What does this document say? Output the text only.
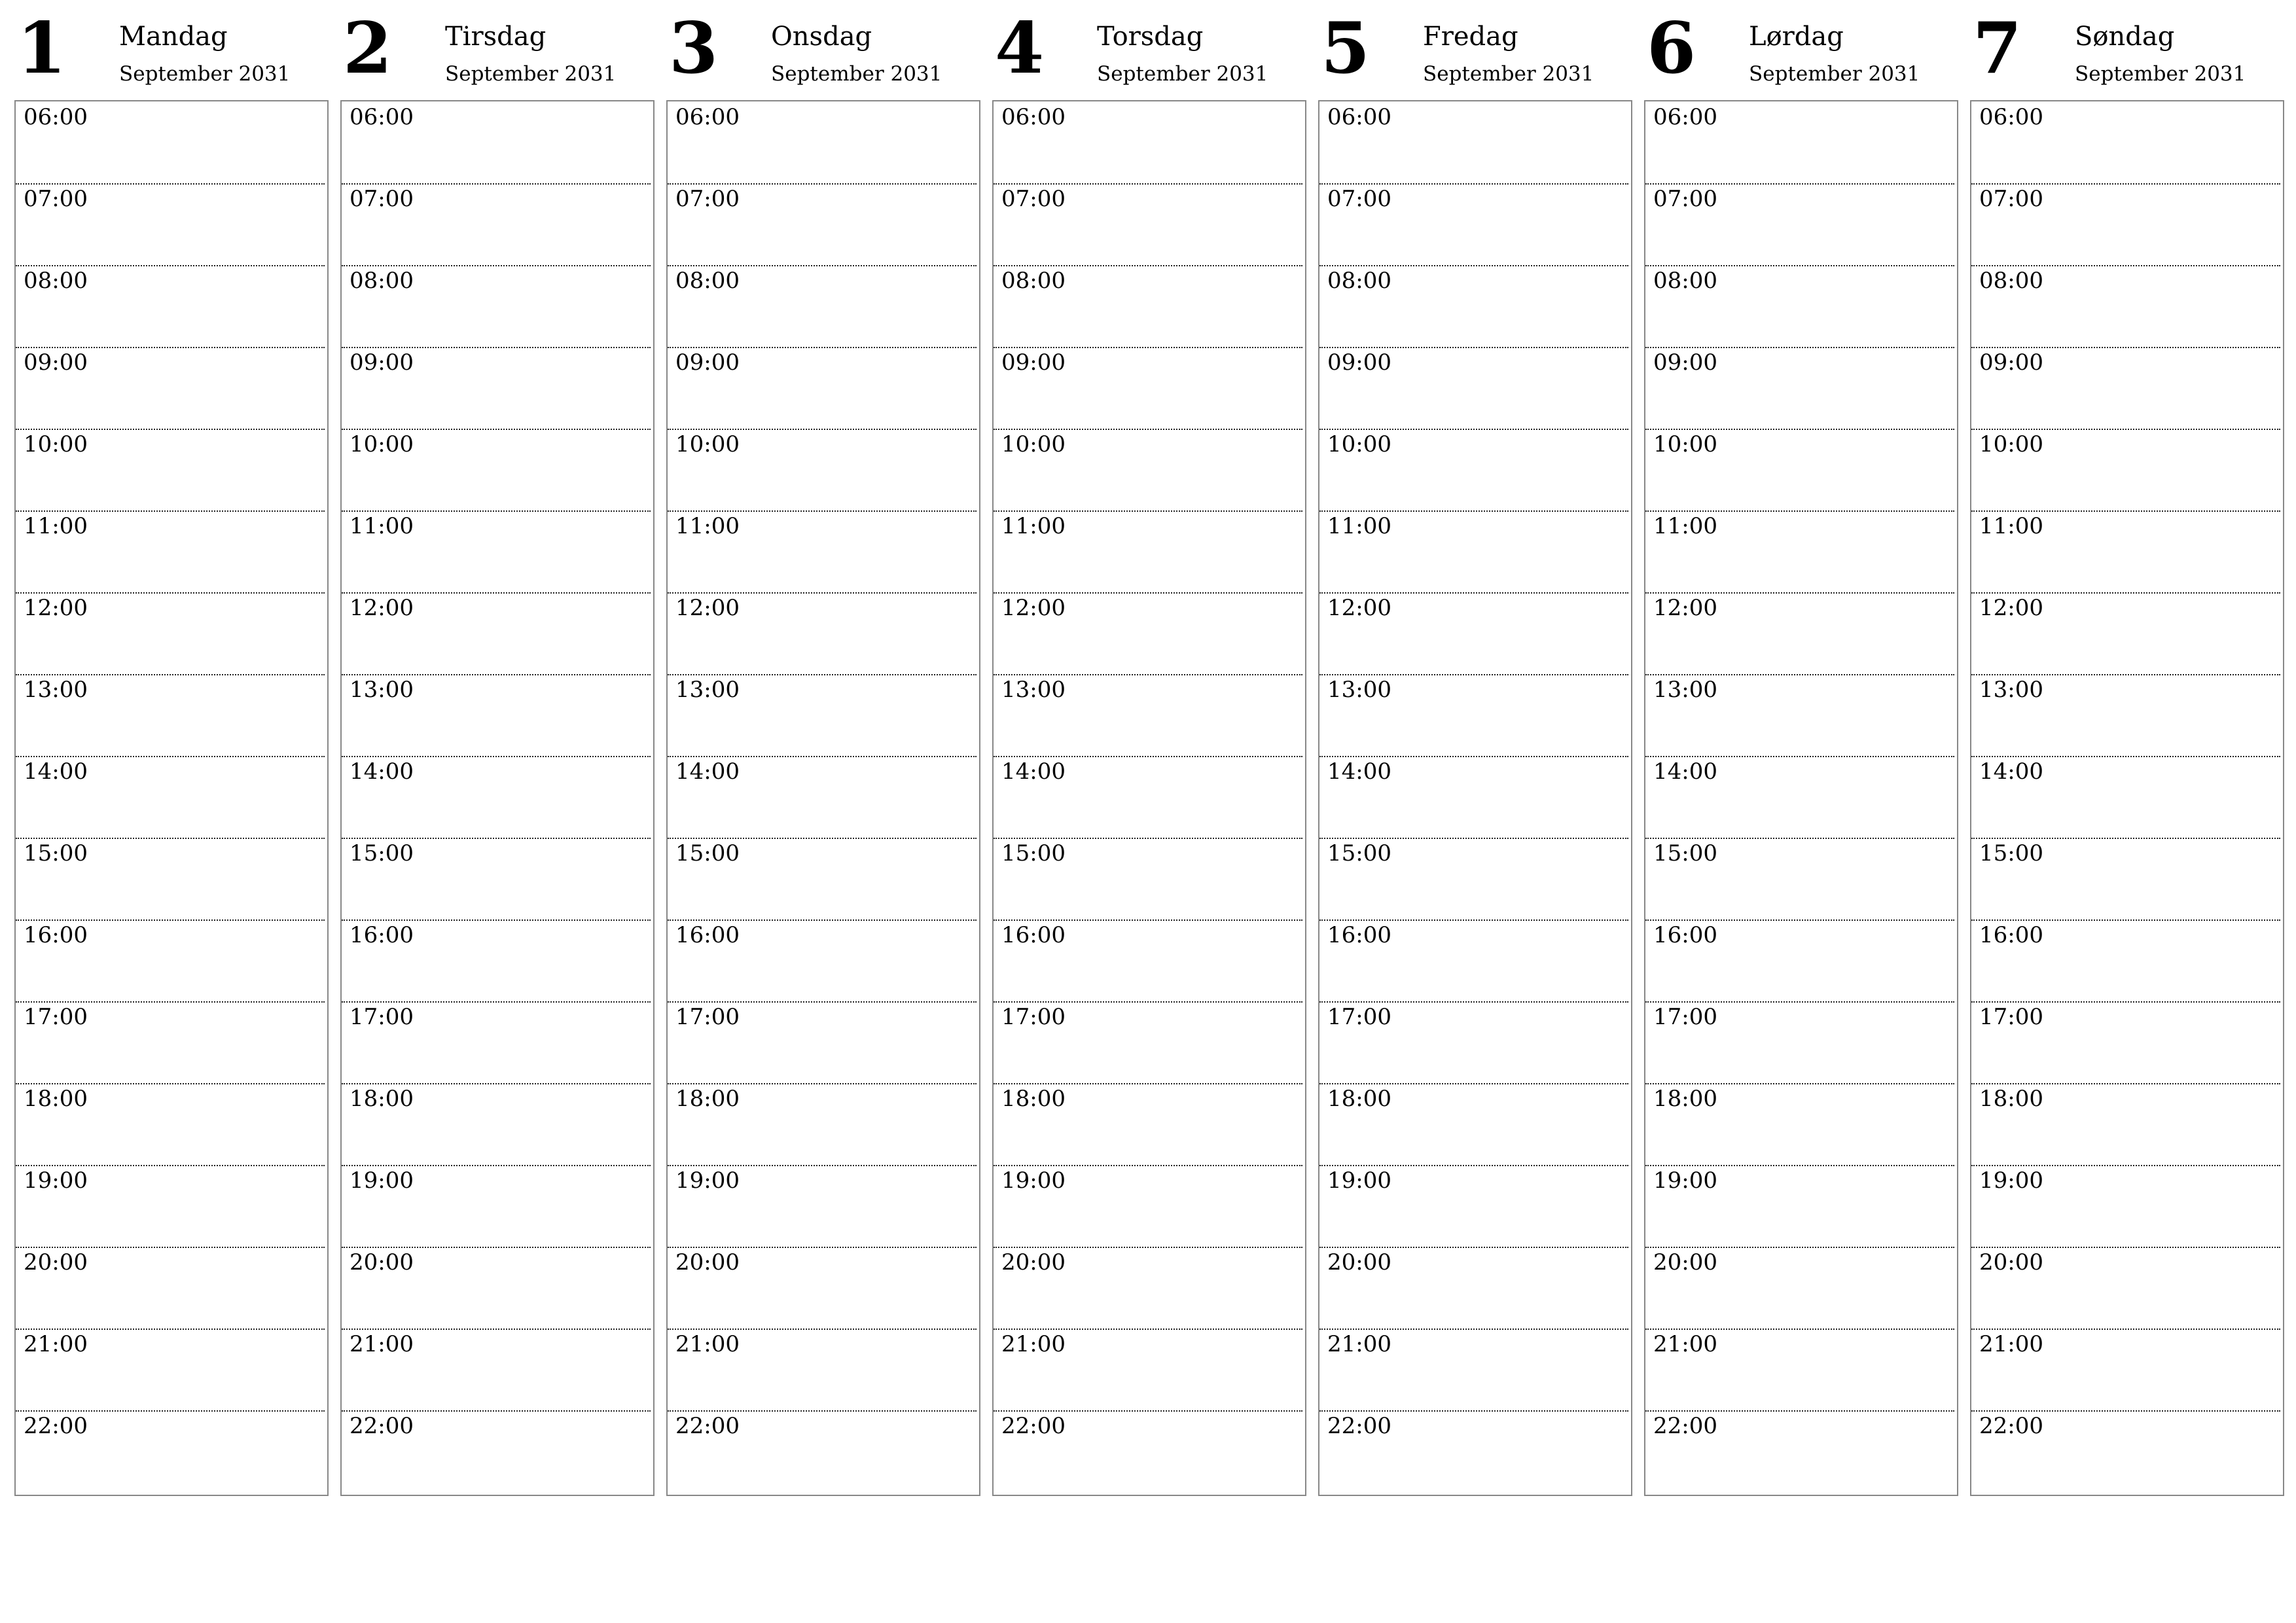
1 Mandag
September 2031
06:00
07:00
08:00
09:00
10:00
11:00
12:00
13:00
14:00
15:00
16:00
17:00
18:00
19:00
20:00
21:00
22:00
2 Tirsdag
September 2031
06:00
07:00
08:00
09:00
10:00
11:00
12:00
13:00
14:00
15:00
16:00
17:00
18:00
19:00
20:00
21:00
22:00
3 Onsdag
September 2031
06:00
07:00
08:00
09:00
10:00
11:00
12:00
13:00
14:00
15:00
16:00
17:00
18:00
19:00
20:00
21:00
22:00
4 Torsdag
September 2031
06:00
07:00
08:00
09:00
10:00
11:00
12:00
13:00
14:00
15:00
16:00
17:00
18:00
19:00
20:00
21:00
22:00
5 Fredag
September 2031
06:00
07:00
08:00
09:00
10:00
11:00
12:00
13:00
14:00
15:00
16:00
17:00
18:00
19:00
20:00
21:00
22:00
6 Lørdag
September 2031
06:00
07:00
08:00
09:00
10:00
11:00
12:00
13:00
14:00
15:00
16:00
17:00
18:00
19:00
20:00
21:00
22:00
7 Søndag
September 2031
06:00
07:00
08:00
09:00
10:00
11:00
12:00
13:00
14:00
15:00
16:00
17:00
18:00
19:00
20:00
21:00
22:00
